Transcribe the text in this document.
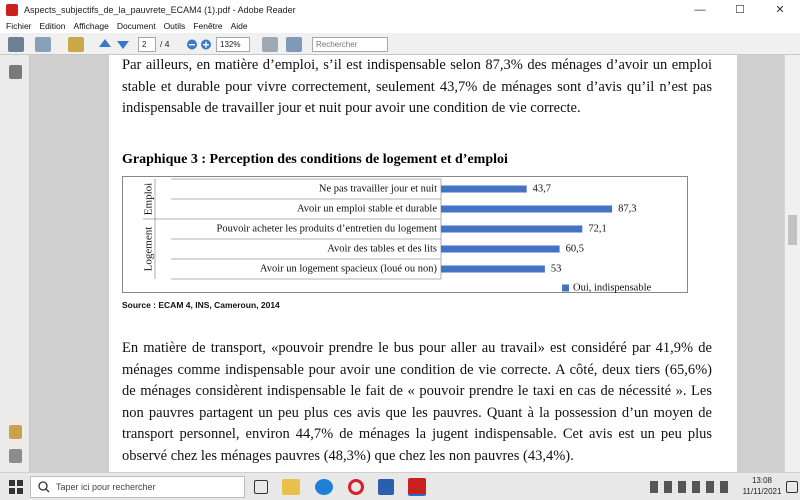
Aspects_subjectifs_de_la_pauvrete_ECAM4 (1).pdf - Adobe Reader	—	☐	✕
Fichier Edition Affichage Document Outils Fenêtre Aide
2	/ 4	132%	Rechercher
Par ailleurs, en matière d’emploi, s’il est indispensable selon 87,3% des ménages d’avoir un emploi stable et durable pour vivre correctement, seulement 43,7% de ménages sont d’avis qu’il n’est pas indispensable de travailler jour et nuit pour avoir une condition de vie correcte.
Graphique 3 : Perception des conditions de logement et d’emploi
Emploi
Logement
Ne pas travailler jour et nuit	43,7
Avoir un emploi stable et durable	87,3
Pouvoir acheter les produits d’entretien du logement	72,1
Avoir des tables et des lits	60,5
Avoir un logement spacieux (loué ou non)	53
Oui, indispensable
Source : ECAM 4, INS, Cameroun, 2014
En matière de transport, «pouvoir prendre le bus pour aller au travail» est considéré par 41,9% de ménages comme indispensable pour avoir une condition de vie correcte. A côté, deux tiers (65,6%) de ménages considèrent indispensable le fait de « pouvoir prendre le taxi en cas de nécessité ». Les non pauvres partagent un peu plus ces avis que les pauvres. Quant à la possession d’un moyen de transport personnel, environ 44,7% de ménages la jugent indispensable. Cet avis est un peu plus observé chez les ménages pauvres (48,3%) que chez les non pauvres (43,4%).
Taper ici pour rechercher
13:08
11/11/2021
